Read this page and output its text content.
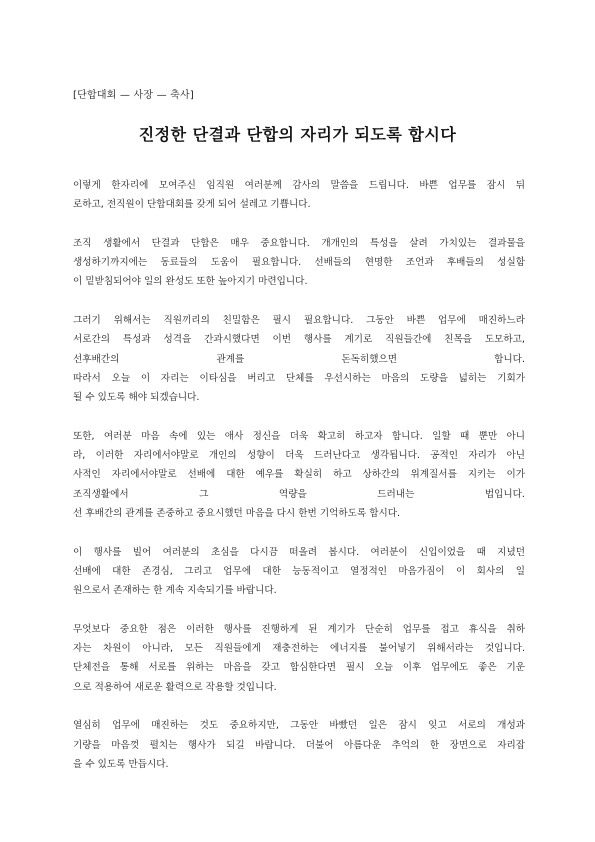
[단합대회 — 사장 — 축사]
진정한 단결과 단합의 자리가 되도록 합시다
이렇게 한자리에 모여주신 임직원 여러분께 감사의 말씀을 드립니다. 바쁜 업무를 잠시 뒤
로하고, 전직원이 단합대회를 갖게 되어 설레고 기쁩니다.
조직 생활에서 단결과 단합은 매우 중요합니다. 개개인의 특성을 살려 가치있는 결과물을
생성하기까지에는 동료들의 도움이 필요합니다. 선배들의 현명한 조언과 후배들의 성실함
이 밑받침되어야 일의 완성도 또한 높아지기 마련입니다.
그러기 위해서는 직원끼리의 친밀함은 필시 필요합니다. 그동안 바쁜 업무에 매진하느라
서로간의 특성과 성격을 간과시했다면 이번 행사를 계기로 직원들간에 친목을 도모하고,
선후배간의 관계를 돈독히했으면 합니다.
따라서 오늘 이 자리는 이타심을 버리고 단체를 우선시하는 마음의 도량을 넓히는 기회가
될 수 있도록 해야 되겠습니다.
또한, 여러분 마음 속에 있는 애사 정신을 더욱 확고히 하고자 합니다. 일할 때 뿐만 아니
라, 이러한 자리에서야말로 개인의 성향이 더욱 드러난다고 생각됩니다. 공적인 자리가 아닌
사적인 자리에서야말로 선배에 대한 예우를 확실히 하고 상하간의 위계질서를 지키는 이가
조직생활에서 그 역량을 드러내는 법입니다.
선 후배간의 관계를 존중하고 중요시했던 마음을 다시 한번 기억하도록 합시다.
이 행사를 빌어 여러분의 초심을 다시끔 떠올려 봅시다. 여러분이 신입이었을 때 지녔던
선배에 대한 존경심, 그리고 업무에 대한 능동적이고 열정적인 마음가짐이 이 회사의 일
원으로서 존재하는 한 계속 지속되기를 바랍니다.
무엇보다 중요한 점은 이러한 행사를 진행하게 된 계기가 단순히 업무를 접고 휴식을 취하
자는 차원이 아니라, 모든 직원들에게 재충전하는 에너지를 불어넣기 위해서라는 것입니다.
단체전을 통해 서로를 위하는 마음을 갖고 합심한다면 필시 오늘 이후 업무에도 좋은 기운
으로 적용하여 새로운 활력으로 작용할 것입니다.
열심히 업무에 매진하는 것도 중요하지만, 그동안 바빴던 일은 잠시 잊고 서로의 개성과
기량을 마음껏 펼치는 행사가 되길 바랍니다. 더불어 아름다운 추억의 한 장면으로 자리잡
을 수 있도록 만듭시다.
